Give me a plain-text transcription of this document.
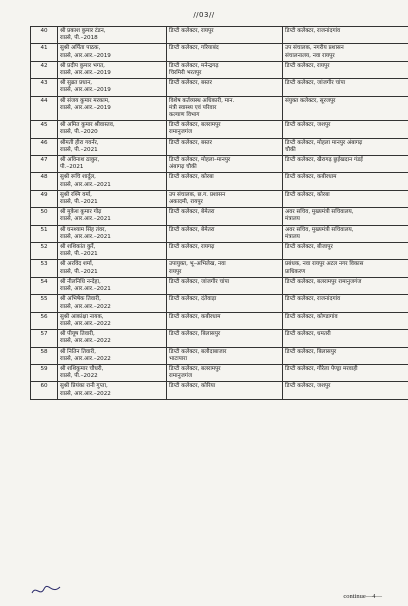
//03//
40	श्री प्रकाश कुमार टंडन,
राप्रसे, पी.–2018	डिप्टी कलेक्टर, रायपुर	डिप्टी कलेक्टर, राजनांदगांव
41	सुश्री अर्पिता पाठक,
राप्रसे, आर.आर.–2019	डिप्टी कलेक्टर, गरियाबंद	उप संचालक, नगरीय प्रशासन
संचालनालय, नवा रायपुर
42	श्री प्रदीप कुमार भगत,
राप्रसे, आर.आर.–2019	डिप्टी कलेक्टर, मनेन्द्रगढ़
चिरमिरी भरतपुर	डिप्टी कलेक्टर, रायपुर
43	श्री सुब्रत प्रधान,
राप्रसे, आर.आर.–2019	डिप्टी कलेक्टर, बस्तर	डिप्टी कलेक्टर, जांजगीर चांपा
44	श्री संजय कुमार मरकाम,
राप्रसे, आर.आर.–2019	विशेष कर्तव्यस्थ अधिकारी, मान.
मंत्री स्वास्थ्य एवं परिवार
कल्याण विभाग	संयुक्त कलेक्टर, सूरजपुर
45	श्री अमित कुमार श्रीवास्तव,
राप्रसे, पी.–2020	डिप्टी कलेक्टर, बलरामपुर
रामानुजगंज	डिप्टी कलेक्टर, जशपुर
46	श्रीमती हीरा गवर्नर,
राप्रसे, पी.–2021	डिप्टी कलेक्टर, बस्तर	डिप्टी कलेक्टर, मोहला मानपुर अंबागढ़
चौकी
47	श्री अविनाश ठाकुर,
पी.–2021	डिप्टी कलेक्टर, मोहला–मानपुर
अंबागढ़ चौकी	डिप्टी कलेक्टर, खैरागढ़ छुईखदान गंडई
48	सुश्री रूचि शार्दुल,
राप्रसे, आर.आर.–2021	डिप्टी कलेक्टर, कोरबा	डिप्टी कलेक्टर, कबीरधाम
49	सुश्री रश्मि वर्मा,
राप्रसे, पी.–2021	उप संचालक, छ.ग. प्रशासन
अकादमी, रायपुर	डिप्टी कलेक्टर, कोरबा
50	श्री मुकेश कुमार गोढ़
राप्रसे, आर.आर.–2021	डिप्टी कलेक्टर, बेमेतरा	अवर सचिव, मुख्यमंत्री सचिवालय,
मंत्रालय
51	श्री घनश्याम सिंह तंवर,
राप्रसे, आर.आर.–2021	डिप्टी कलेक्टर, बेमेतरा	अवर सचिव, मुख्यमंत्री सचिवालय,
मंत्रालय
52	श्री शशिकांत कुर्रे,
राप्रसे, पी.–2021	डिप्टी कलेक्टर, रायगढ़	डिप्टी कलेक्टर, बीजापुर
53	श्री अरविंद शर्मा,
राप्रसे, पी.–2021	उपायुक्त, भू–अभिलेख, नवा
रायपुर	प्रबंधक, नवा रायपुर अटल नगर विकास
प्राधिकरण
54	श्री नीलनिधि नन्देहा,
राप्रसे, आर.आर.–2021	डिप्टी कलेक्टर, जांजगीर चांपा	डिप्टी कलेक्टर, बलरामपुर रामानुजगंज
55	श्री अभिषेक तिवारी,
राप्रसे, आर.आर.–2022	डिप्टी कलेक्टर, दंतेवाड़ा	डिप्टी कलेक्टर, राजनांदगांव
56	सुश्री आकांक्षा नायक,
राप्रसे, आर.आर.–2022	डिप्टी कलेक्टर, कबीरधाम	डिप्टी कलेक्टर, कोण्डागांव
57	श्री पीयूष तिवारी,
राप्रसे, आर.आर.–2022	डिप्टी कलेक्टर, बिलासपुर	डिप्टी कलेक्टर, धमतरी
58	श्री नितिन तिवारी,
राप्रसे, आर.आर.–2022	डिप्टी कलेक्टर, बलौदाबाजार
भाटापारा	डिप्टी कलेक्टर, बिलासपुर
59	श्री शशिकुमार चौधरी,
राप्रसे, पी.–2022	डिप्टी कलेक्टर, बलरामपुर
रामानुजगंज	डिप्टी कलेक्टर, गौरेला पेण्ड्रा मरवाही
60	सुश्री प्रियंका रानी गुप्ता,
राप्रसे, आर.आर.–2022	डिप्टी कलेक्टर, कोरिया	डिप्टी कलेक्टर, जशपुर
continue—4—
